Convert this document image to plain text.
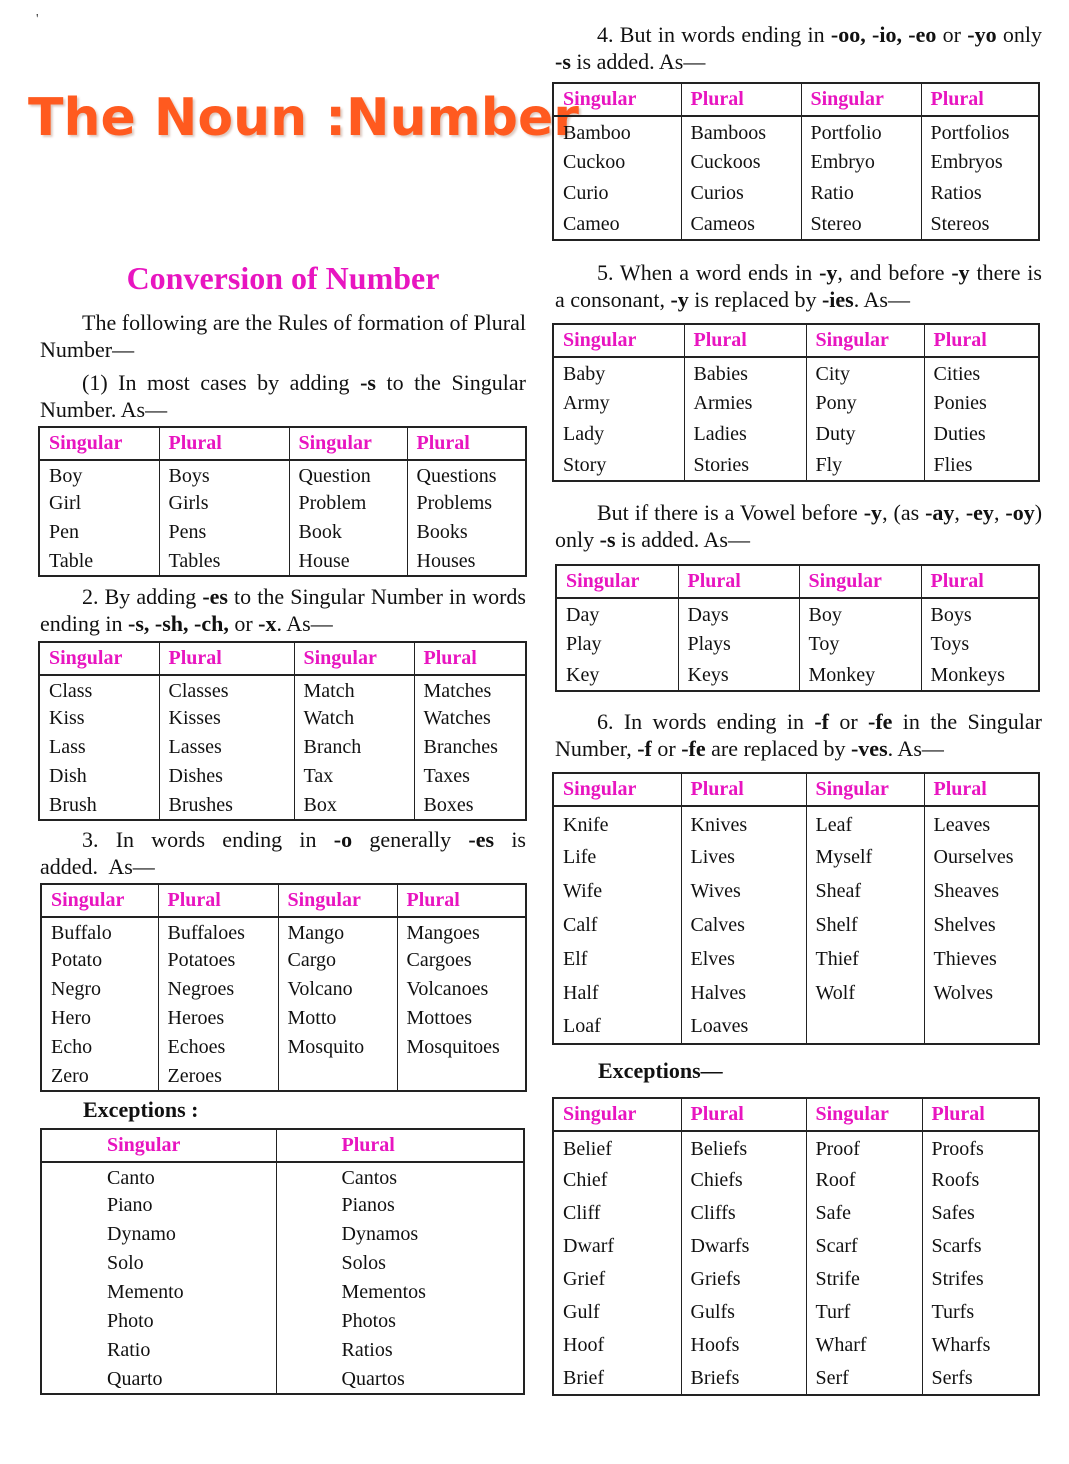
'
The Noun :Number
Conversion of Number

The following are the Rules of formation of Plural Number—

(1) In most cases by adding -s to the Singular Number. As—

Singular	Plural	Singular	Plural
Boy	Boys	Question	Questions
Girl	Girls	Problem	Problems
Pen	Pens	Book	Books
Table	Tables	House	Houses

2. By adding -es to the Singular Number in words ending in -s, -sh, -ch, or -x. As—

Singular	Plural	Singular	Plural
Class	Classes	Match	Matches
Kiss	Kisses	Watch	Watches
Lass	Lasses	Branch	Branches
Dish	Dishes	Tax	Taxes
Brush	Brushes	Box	Boxes

3. In words ending in -o generally -es is added. As—

Singular	Plural	Singular	Plural
Buffalo	Buffaloes	Mango	Mangoes
Potato	Potatoes	Cargo	Cargoes
Negro	Negroes	Volcano	Volcanoes
Hero	Heroes	Motto	Mottoes
Echo	Echoes	Mosquito	Mosquitoes
Zero	Zeroes		

Exceptions :

Singular	Plural
Canto	Cantos
Piano	Pianos
Dynamo	Dynamos
Solo	Solos
Memento	Mementos
Photo	Photos
Ratio	Ratios
Quarto	Quartos

4. But in words ending in -oo, -io, -eo or -yo only -s is added. As—

Singular	Plural	Singular	Plural
Bamboo	Bamboos	Portfolio	Portfolios
Cuckoo	Cuckoos	Embryo	Embryos
Curio	Curios	Ratio	Ratios
Cameo	Cameos	Stereo	Stereos

5. When a word ends in -y, and before -y there is a consonant, -y is replaced by -ies. As—

Singular	Plural	Singular	Plural
Baby	Babies	City	Cities
Army	Armies	Pony	Ponies
Lady	Ladies	Duty	Duties
Story	Stories	Fly	Flies

But if there is a Vowel before -y, (as -ay, -ey, -oy) only -s is added. As—

Singular	Plural	Singular	Plural
Day	Days	Boy	Boys
Play	Plays	Toy	Toys
Key	Keys	Monkey	Monkeys

6. In words ending in -f or -fe in the Singular Number, -f or -fe are replaced by -ves. As—

Singular	Plural	Singular	Plural
Knife	Knives	Leaf	Leaves
Life	Lives	Myself	Ourselves
Wife	Wives	Sheaf	Sheaves
Calf	Calves	Shelf	Shelves
Elf	Elves	Thief	Thieves
Half	Halves	Wolf	Wolves
Loaf	Loaves		

Exceptions—

Singular	Plural	Singular	Plural
Belief	Beliefs	Proof	Proofs
Chief	Chiefs	Roof	Roofs
Cliff	Cliffs	Safe	Safes
Dwarf	Dwarfs	Scarf	Scarfs
Grief	Griefs	Strife	Strifes
Gulf	Gulfs	Turf	Turfs
Hoof	Hoofs	Wharf	Wharfs
Brief	Briefs	Serf	Serfs
